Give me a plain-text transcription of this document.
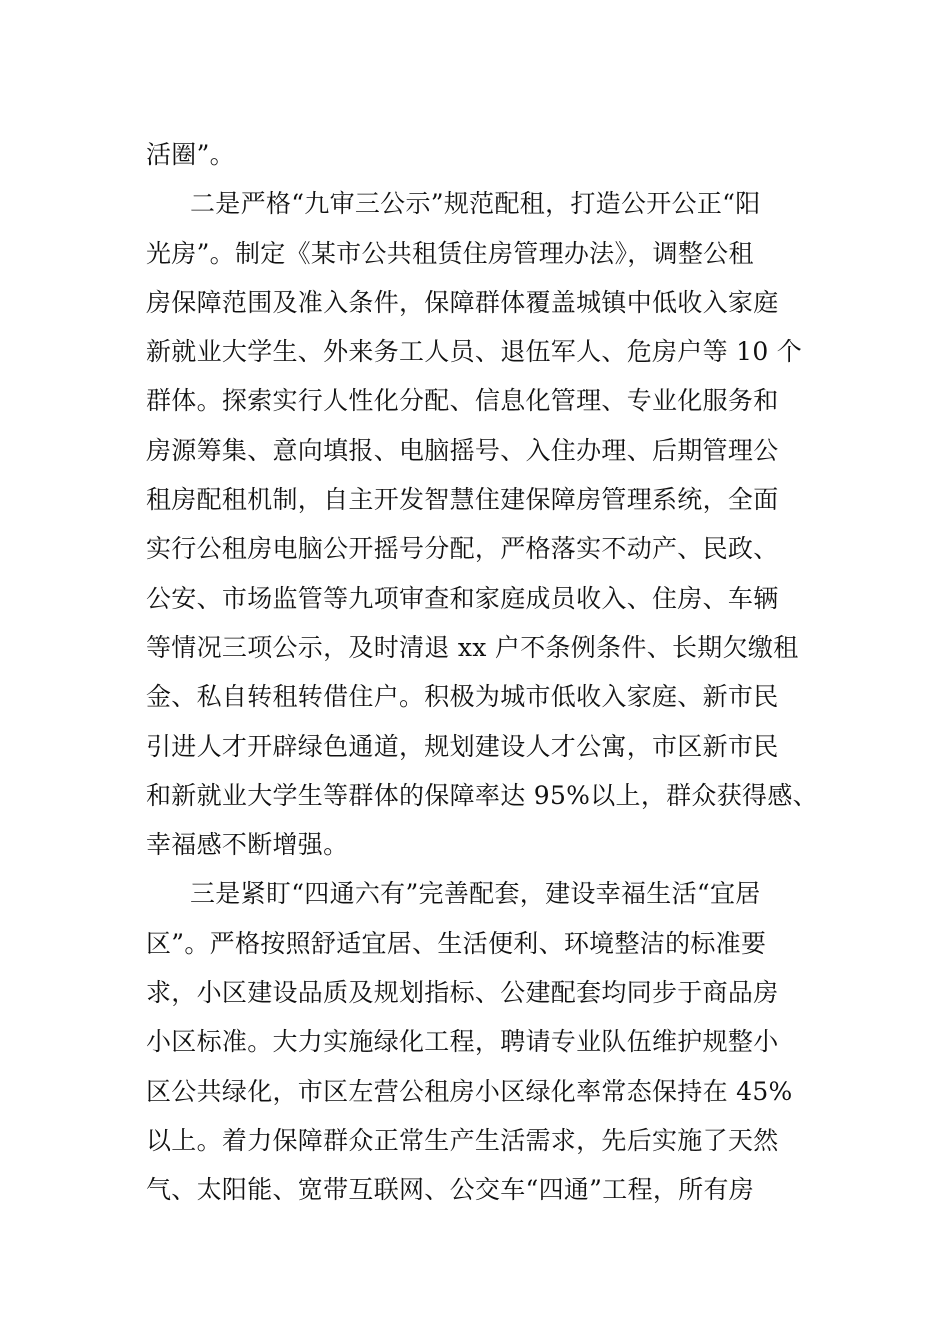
活圈”。
二是严格“九审三公示”规范配租，打造公开公正“阳
光房”。制定《某市公共租赁住房管理办法》，调整公租
房保障范围及准入条件，保障群体覆盖城镇中低收入家庭
新就业大学生、外来务工人员、退伍军人、危房户等 10 个
群体。探索实行人性化分配、信息化管理、专业化服务和
房源筹集、意向填报、电脑摇号、入住办理、后期管理公
租房配租机制，自主开发智慧住建保障房管理系统，全面
实行公租房电脑公开摇号分配，严格落实不动产、民政、
公安、市场监管等九项审查和家庭成员收入、住房、车辆
等情况三项公示，及时清退 xx 户不条例条件、长期欠缴租
金、私自转租转借住户。积极为城市低收入家庭、新市民
引进人才开辟绿色通道，规划建设人才公寓，市区新市民
和新就业大学生等群体的保障率达 95%以上，群众获得感、
幸福感不断增强。
三是紧盯“四通六有”完善配套，建设幸福生活“宜居
区”。严格按照舒适宜居、生活便利、环境整洁的标准要
求，小区建设品质及规划指标、公建配套均同步于商品房
小区标准。大力实施绿化工程，聘请专业队伍维护规整小
区公共绿化，市区左营公租房小区绿化率常态保持在 45%
以上。着力保障群众正常生产生活需求，先后实施了天然
气、太阳能、宽带互联网、公交车“四通”工程，所有房
